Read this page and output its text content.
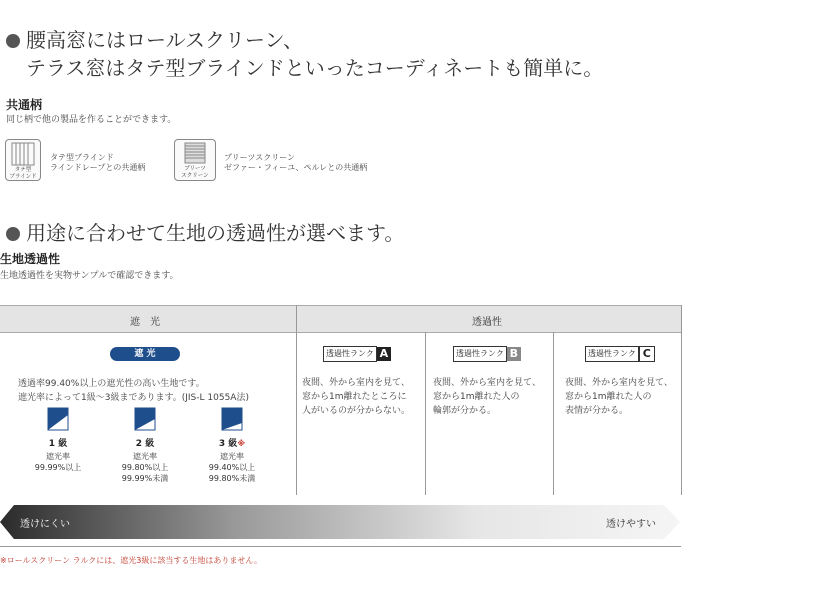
腰高窓にはロールスクリーン、
テラス窓はタテ型ブラインドといったコーディネートも簡単に。
共通柄
同じ柄で他の製品を作ることができます。
タテ型
ブラインド
タテ型ブラインド
ラインドレープとの共通柄	プリーツ
スクリーン
プリーツスクリーン
ゼファー・フィーユ、ペルレとの共通柄
用途に合わせて生地の透過性が選べます。
生地透過性
生地透過性を実物サンプルで確認できます。
遮　光	透過性
遮 光
透過率99.40%以上の遮光性の高い生地です。
遮光率によって1級〜3級まであります。(JIS-L 1055A法)
1 級
遮光率
99.99%以上
2 級
遮光率
99.80%以上
99.99%未満
3 級※
遮光率
99.40%以上
99.80%未満
透過性ランク A
夜間、外から室内を見て、
窓から1m離れたところに
人がいるのが分からない。
透過性ランク B
夜間、外から室内を見て、
窓から1m離れた人の
輪郭が分かる。
透過性ランク C
夜間、外から室内を見て、
窓から1m離れた人の
表情が分かる。
透けにくい	透けやすい
※ロールスクリーン ラルクには、遮光3級に該当する生地はありません。
